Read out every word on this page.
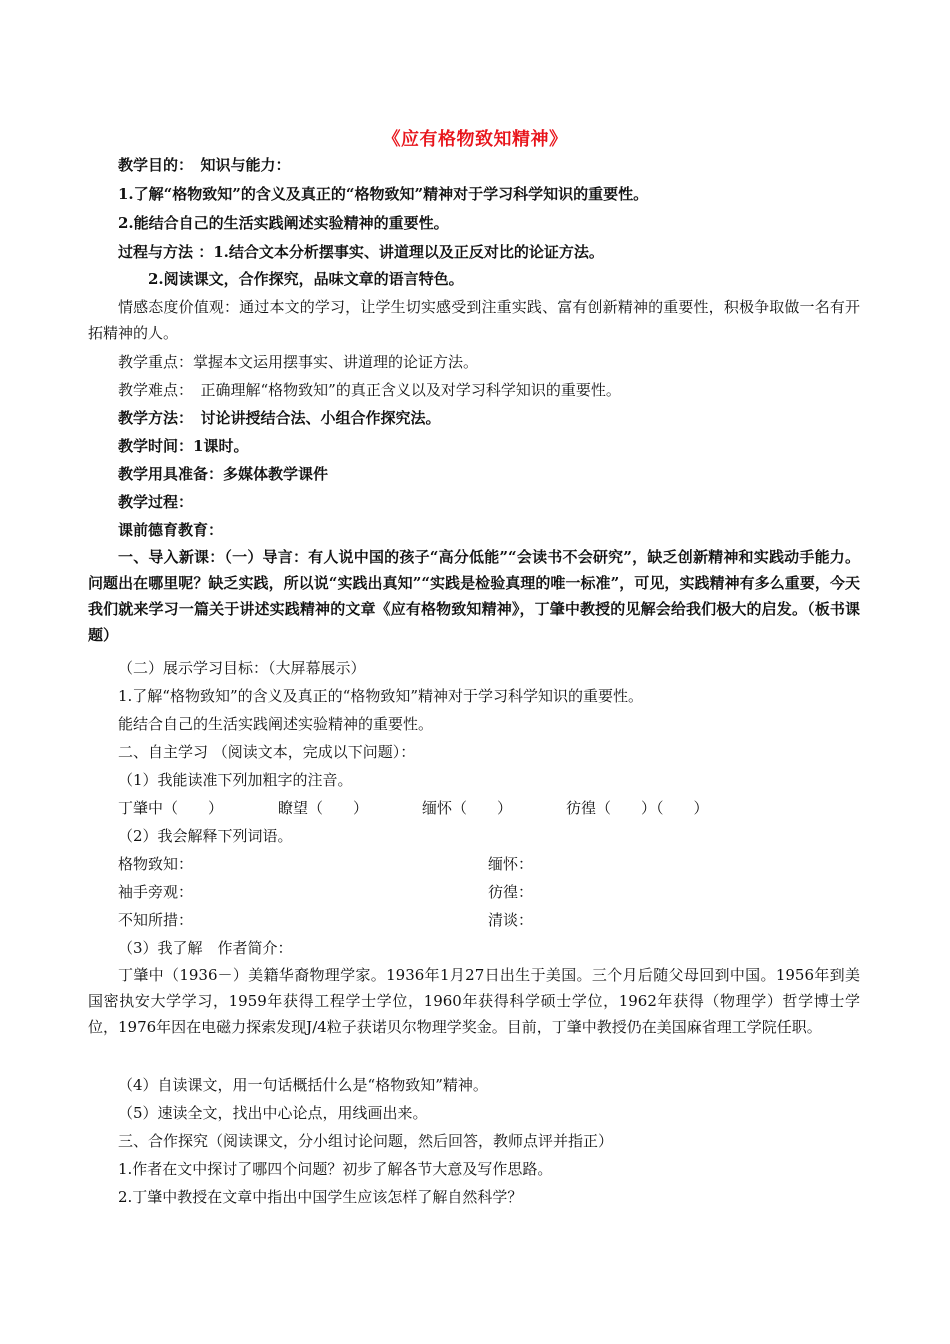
《应有格物致知精神》
教学目的：　知识与能力：
1.了解“格物致知”的含义及真正的“格物致知”精神对于学习科学知识的重要性。
2.能结合自己的生活实践阐述实验精神的重要性。
过程与方法 ：1.结合文本分析摆事实、讲道理以及正反对比的论证方法。
2.阅读课文，合作探究，品味文章的语言特色。
情感态度价值观：通过本文的学习，让学生切实感受到注重实践、富有创新精神的重要性，积极争取做一名有开拓精神的人。
教学重点：掌握本文运用摆事实、讲道理的论证方法。
教学难点：　正确理解“格物致知”的真正含义以及对学习科学知识的重要性。
教学方法：　讨论讲授结合法、小组合作探究法。
教学时间：1课时。
教学用具准备：多媒体教学课件
教学过程：
课前德育教育：
一、导入新课：（一）导言：有人说中国的孩子“高分低能”“会读书不会研究”，缺乏创新精神和实践动手能力。问题出在哪里呢？缺乏实践，所以说“实践出真知”“实践是检验真理的唯一标准”，可见，实践精神有多么重要，今天我们就来学习一篇关于讲述实践精神的文章《应有格物致知精神》，丁肇中教授的见解会给我们极大的启发。（板书课题）
（二）展示学习目标：（大屏幕展示）
1.了解“格物致知”的含义及真正的“格物致知”精神对于学习科学知识的重要性。
能结合自己的生活实践阐述实验精神的重要性。
二、自主学习 （阅读文本，完成以下问题）：
（1）我能读准下列加粗字的注音。
丁肇中（　　）	瞭望（　　）	缅怀（　　）	彷徨（　　）（　　）
（2）我会解释下列词语。
格物致知：	缅怀：
袖手旁观：	彷徨：
不知所措：	清谈：
（3）我了解　作者简介：
丁肇中（1936－）美籍华裔物理学家。1936年1月27日出生于美国。三个月后随父母回到中国。1956年到美国密执安大学学习，1959年获得工程学士学位，1960年获得科学硕士学位，1962年获得（物理学）哲学博士学位，1976年因在电磁力探索发现J/4粒子获诺贝尔物理学奖金。目前，丁肇中教授仍在美国麻省理工学院任职。
（4）自读课文，用一句话概括什么是“格物致知”精神。
（5）速读全文，找出中心论点，用线画出来。
三、合作探究（阅读课文，分小组讨论问题，然后回答，教师点评并指正）
1.作者在文中探讨了哪四个问题？初步了解各节大意及写作思路。
2.丁肇中教授在文章中指出中国学生应该怎样了解自然科学？
